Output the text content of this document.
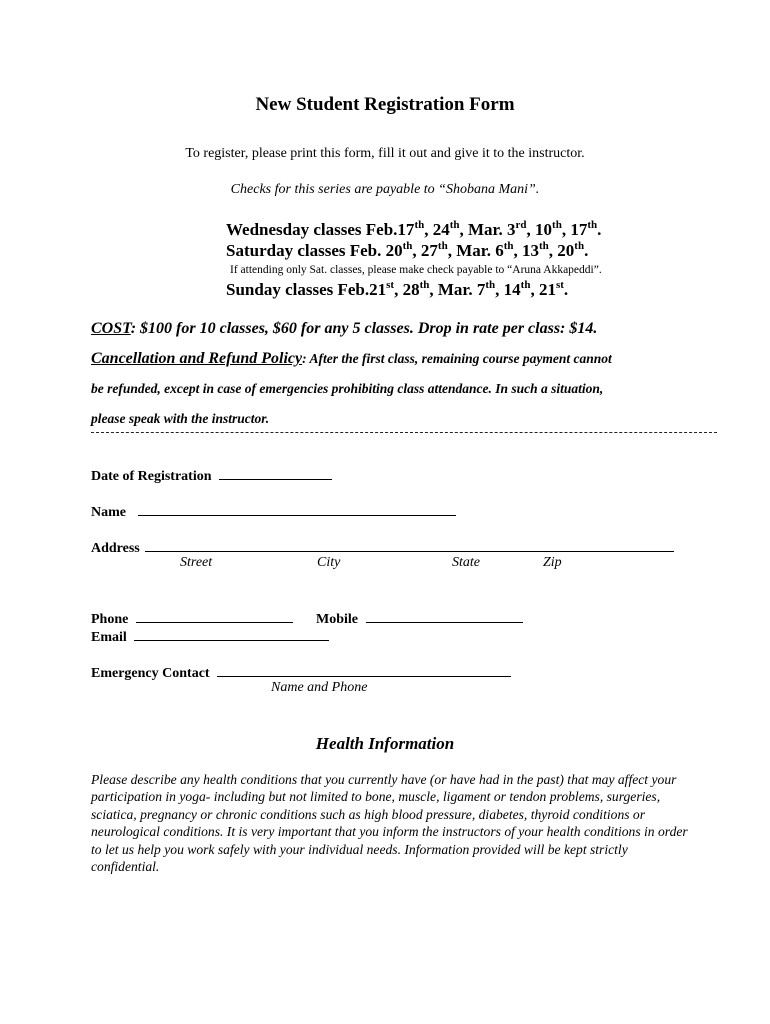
New Student Registration Form
To register, please print this form, fill it out and give it to the instructor.
Checks for this series are payable to “Shobana Mani”.
Wednesday classes Feb.17th, 24th, Mar. 3rd, 10th, 17th.
Saturday classes Feb. 20th, 27th, Mar. 6th, 13th, 20th.
If attending only Sat. classes, please make check payable to “Aruna Akkapeddi”.
Sunday classes Feb.21st, 28th, Mar. 7th, 14th, 21st.
COST: $100 for 10 classes, $60 for any 5 classes. Drop in rate per class: $14.
Cancellation and Refund Policy: After the first class, remaining course payment cannot
be refunded, except in case of emergencies prohibiting class attendance. In such a situation,
please speak with the instructor.
Date of Registration
Name
Address
Street	City	State	Zip
Phone	Mobile
Email
Emergency Contact
Name and Phone
Health Information
Please describe any health conditions that you currently have (or have had in the past) that may affect your participation in yoga- including but not limited to bone, muscle, ligament or tendon problems, surgeries, sciatica, pregnancy or chronic conditions such as high blood pressure, diabetes, thyroid conditions or neurological conditions. It is very important that you inform the instructors of your health conditions in order to let us help you work safely with your individual needs. Information provided will be kept strictly confidential.
